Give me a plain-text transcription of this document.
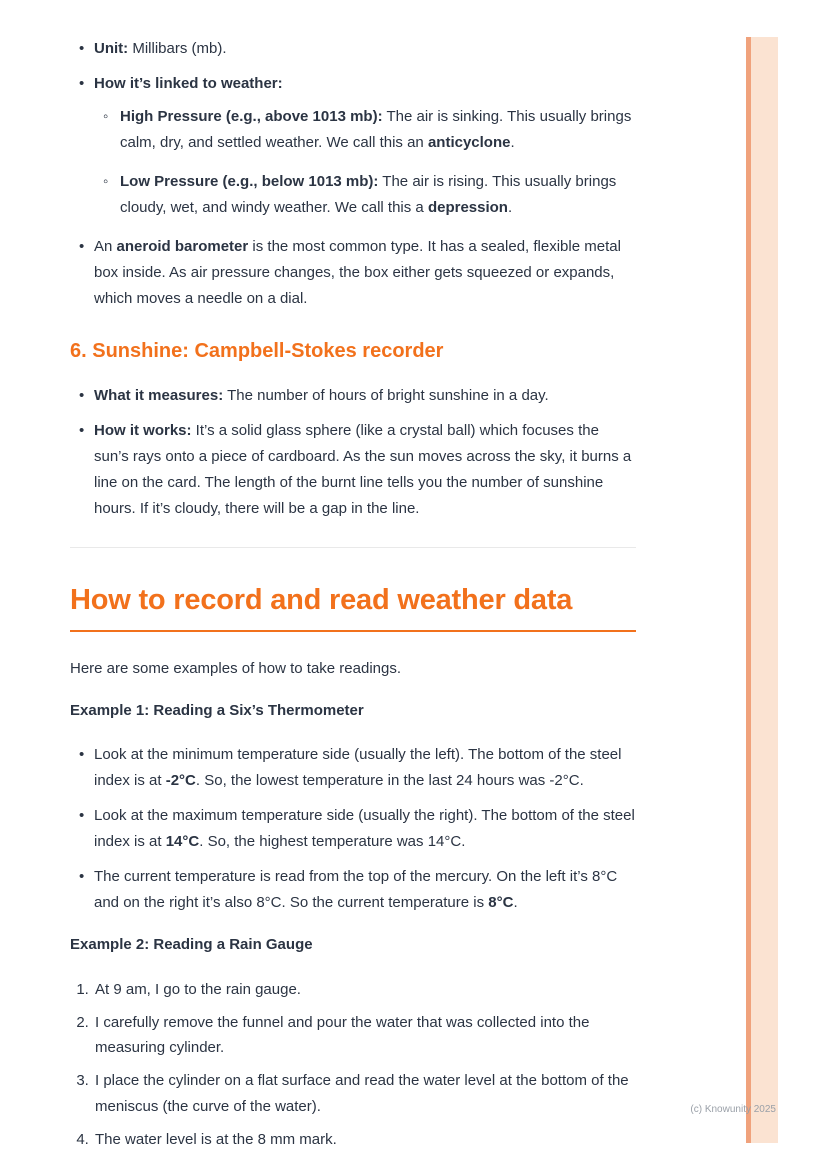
• Unit: Millibars (mb).
• How it’s linked to weather:
◦ High Pressure (e.g., above 1013 mb): The air is sinking. This usually brings calm, dry, and settled weather. We call this an anticyclone.
◦ Low Pressure (e.g., below 1013 mb): The air is rising. This usually brings cloudy, wet, and windy weather. We call this a depression.
• An aneroid barometer is the most common type. It has a sealed, flexible metal box inside. As air pressure changes, the box either gets squeezed or expands, which moves a needle on a dial.
6. Sunshine: Campbell-Stokes recorder
• What it measures: The number of hours of bright sunshine in a day.
• How it works: It’s a solid glass sphere (like a crystal ball) which focuses the sun’s rays onto a piece of cardboard. As the sun moves across the sky, it burns a line on the card. The length of the burnt line tells you the number of sunshine hours. If it’s cloudy, there will be a gap in the line.
How to record and read weather data

Here are some examples of how to take readings.

Example 1: Reading a Six’s Thermometer

• Look at the minimum temperature side (usually the left). The bottom of the steel index is at -2°C. So, the lowest temperature in the last 24 hours was -2°C.
• Look at the maximum temperature side (usually the right). The bottom of the steel index is at 14°C. So, the highest temperature was 14°C.
• The current temperature is read from the top of the mercury. On the left it’s 8°C and on the right it’s also 8°C. So the current temperature is 8°C.

Example 2: Reading a Rain Gauge

1. At 9 am, I go to the rain gauge.
2. I carefully remove the funnel and pour the water that was collected into the measuring cylinder.
3. I place the cylinder on a flat surface and read the water level at the bottom of the meniscus (the curve of the water).
4. The water level is at the 8 mm mark.
(c) Knowunity 2025
